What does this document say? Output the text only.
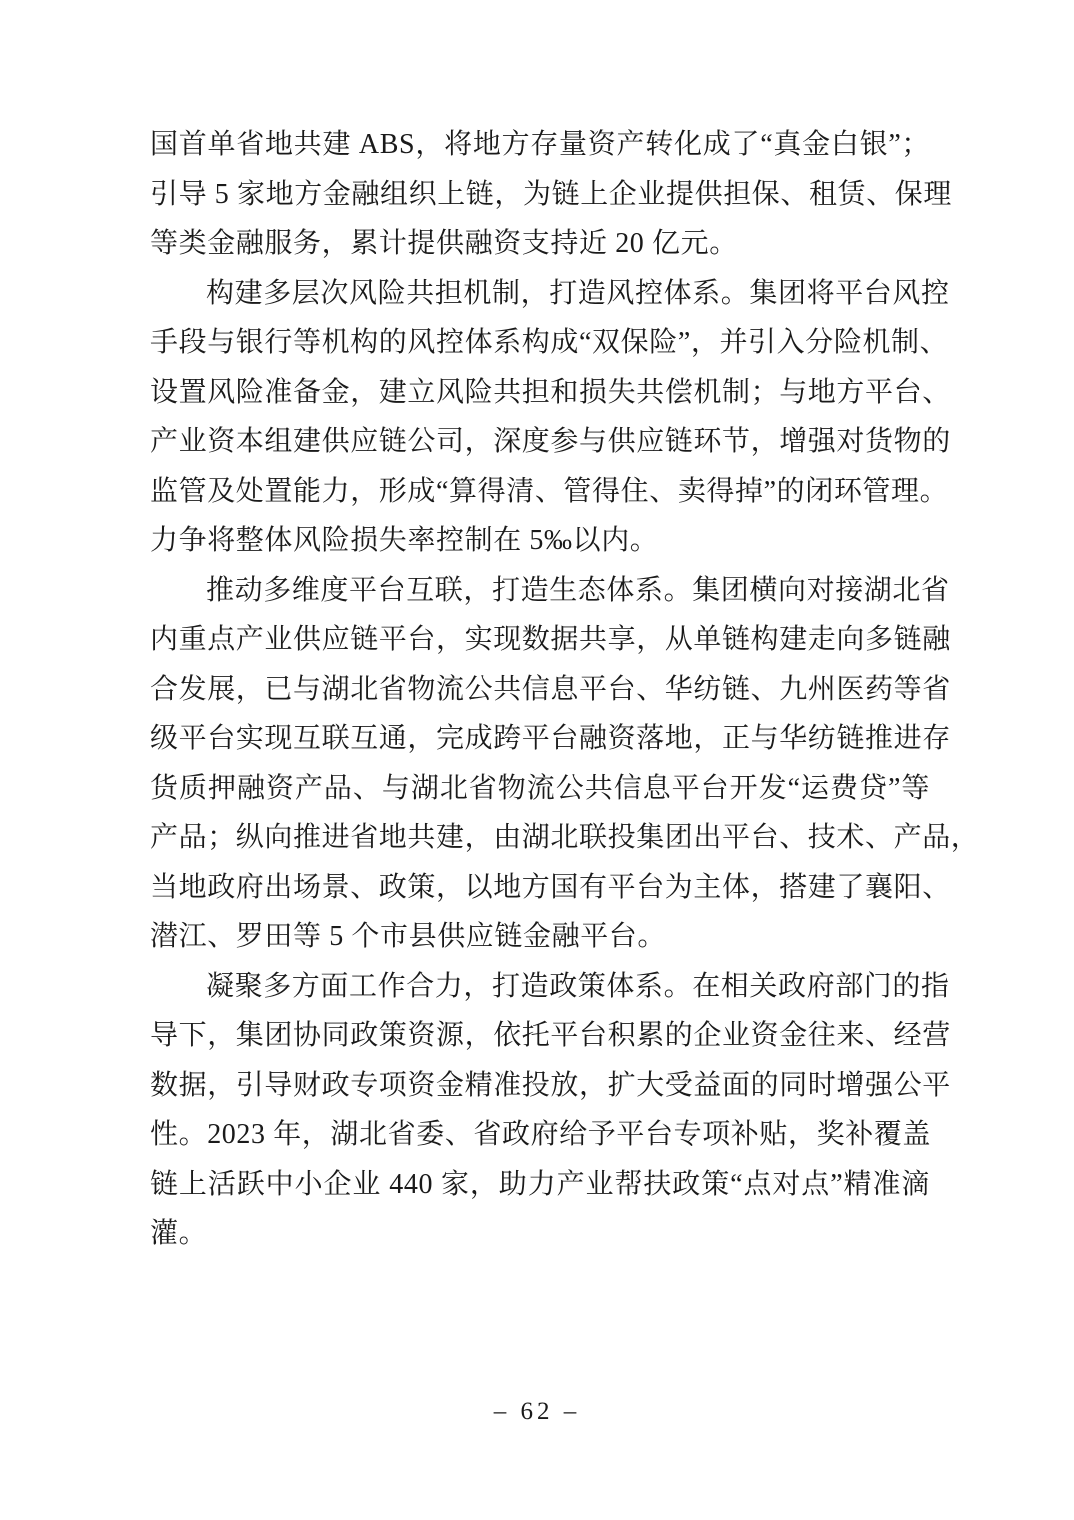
国首单省地共建 ABS，将地方存量资产转化成了“真金白银”；

引导 5 家地方金融组织上链，为链上企业提供担保、租赁、保理

等类金融服务，累计提供融资支持近 20 亿元。

构建多层次风险共担机制，打造风控体系。集团将平台风控

手段与银行等机构的风控体系构成“双保险”，并引入分险机制、

设置风险准备金，建立风险共担和损失共偿机制；与地方平台、

产业资本组建供应链公司，深度参与供应链环节，增强对货物的

监管及处置能力，形成“算得清、管得住、卖得掉”的闭环管理。

力争将整体风险损失率控制在 5‰以内。

推动多维度平台互联，打造生态体系。集团横向对接湖北省

内重点产业供应链平台，实现数据共享，从单链构建走向多链融

合发展，已与湖北省物流公共信息平台、华纺链、九州医药等省

级平台实现互联互通，完成跨平台融资落地，正与华纺链推进存

货质押融资产品、与湖北省物流公共信息平台开发“运费贷”等

产品；纵向推进省地共建，由湖北联投集团出平台、技术、产品，

当地政府出场景、政策，以地方国有平台为主体，搭建了襄阳、

潜江、罗田等 5 个市县供应链金融平台。

凝聚多方面工作合力，打造政策体系。在相关政府部门的指

导下，集团协同政策资源，依托平台积累的企业资金往来、经营

数据，引导财政专项资金精准投放，扩大受益面的同时增强公平

性。2023 年，湖北省委、省政府给予平台专项补贴，奖补覆盖

链上活跃中小企业 440 家，助力产业帮扶政策“点对点”精准滴

灌。

– 62 –
